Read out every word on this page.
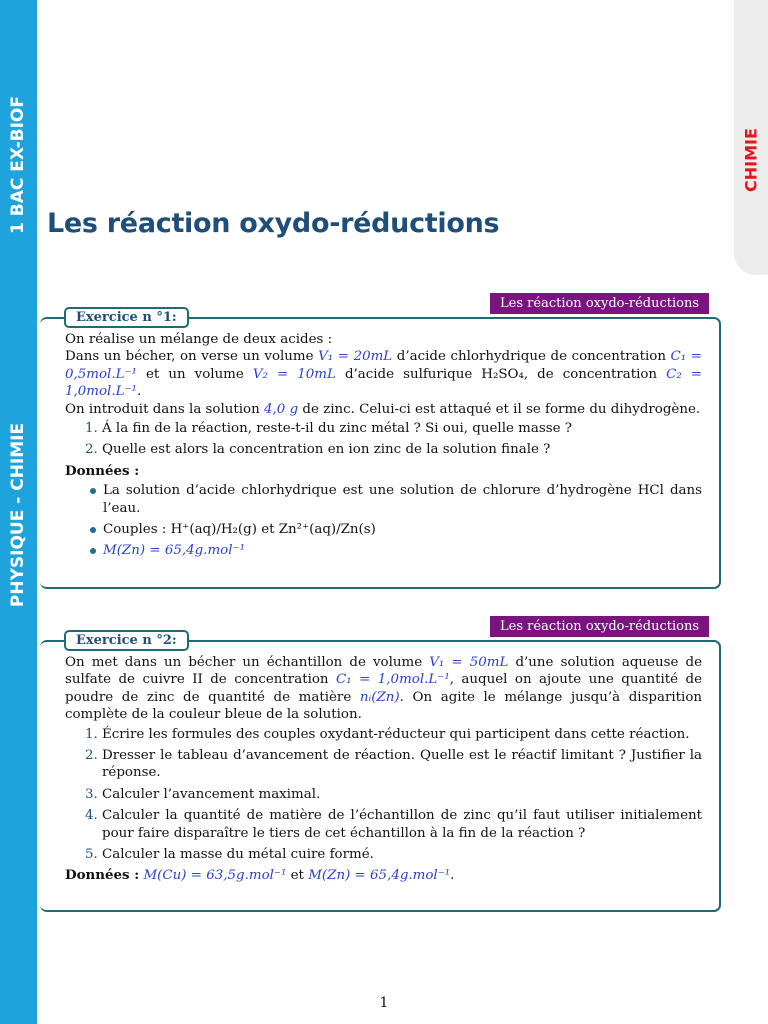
1 BAC EX-BIOF
PHYSIQUE - CHIMIE
CHIMIE
Les réaction oxydo-réductions
Les réaction oxydo-réductions
Exercice n °1:

On réalise un mélange de deux acides :

Dans un bécher, on verse un volume V₁ = 20mL d’acide chlorhydrique de concentration C₁ = 0,5mol.L⁻¹ et un volume V₂ = 10mL d’acide sulfurique H₂SO₄, de concentration C₂ = 1,0mol.L⁻¹.

On introduit dans la solution 4,0 g de zinc. Celui-ci est attaqué et il se forme du dihydrogène.

1. Á la fin de la réaction, reste-t-il du zinc métal ? Si oui, quelle masse ?
2. Quelle est alors la concentration en ion zinc de la solution finale ?

Données :

La solution d’acide chlorhydrique est une solution de chlorure d’hydrogène HCl dans l’eau.
Couples : H⁺(aq)/H₂(g) et Zn²⁺(aq)/Zn(s)
M(Zn) = 65,4g.mol⁻¹
Les réaction oxydo-réductions
Exercice n °2:

On met dans un bécher un échantillon de volume V₁ = 50mL d’une solution aqueuse de sulfate de cuivre II de concentration C₁ = 1,0mol.L⁻¹, auquel on ajoute une quantité de poudre de zinc de quantité de matière nᵢ(Zn). On agite le mélange jusqu’à disparition complète de la couleur bleue de la solution.

1. Écrire les formules des couples oxydant-réducteur qui participent dans cette réaction.
2. Dresser le tableau d’avancement de réaction. Quelle est le réactif limitant ? Justifier la réponse.
3. Calculer l’avancement maximal.
4. Calculer la quantité de matière de l’échantillon de zinc qu’il faut utiliser initialement pour faire disparaître le tiers de cet échantillon à la fin de la réaction ?
5. Calculer la masse du métal cuire formé.

Données : M(Cu) = 63,5g.mol⁻¹ et M(Zn) = 65,4g.mol⁻¹.

1
